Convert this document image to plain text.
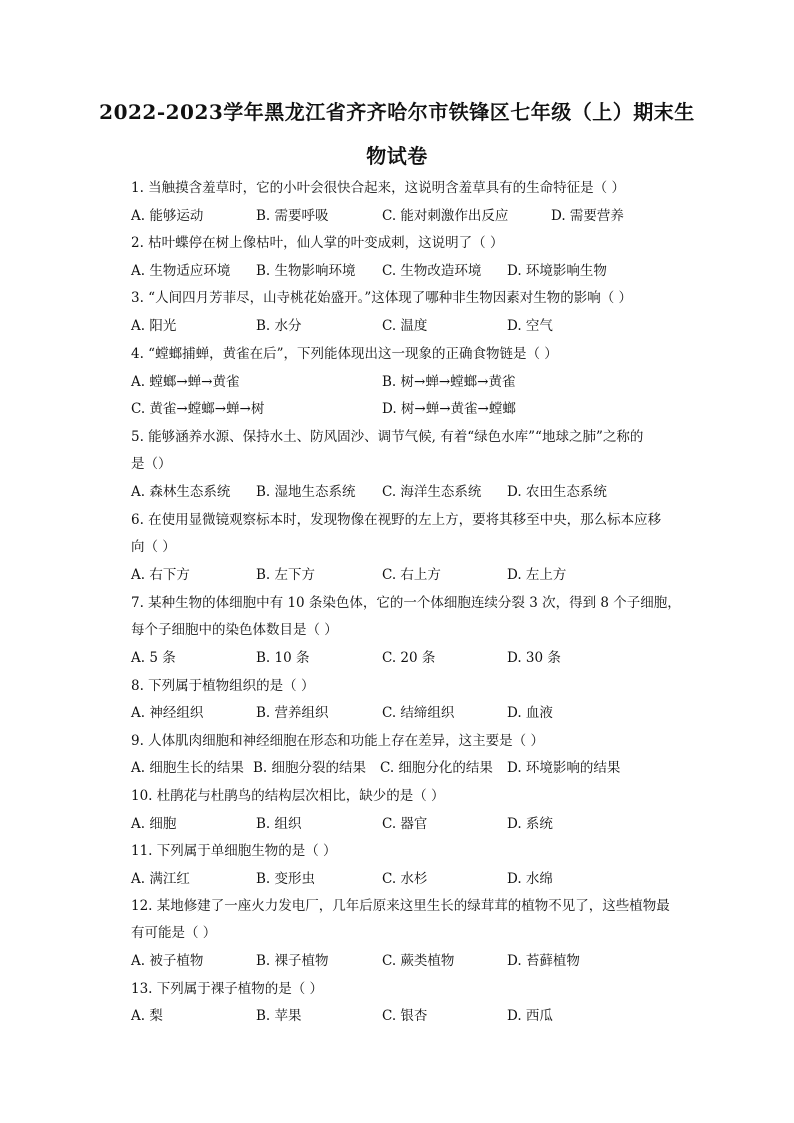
2022-2023学年黑龙江省齐齐哈尔市铁锋区七年级（上）期末生
物试卷
1. 当触摸含羞草时，它的小叶会很快合起来，这说明含羞草具有的生命特征是（ ）
A. 能够运动	B. 需要呼吸	C. 能对刺激作出反应	D. 需要营养
2. 枯叶蝶停在树上像枯叶，仙人掌的叶变成刺，这说明了（ ）
A. 生物适应环境 B. 生物影响环境 C. 生物改造环境 D. 环境影响生物
3. “人间四月芳菲尽，山寺桃花始盛开。”这体现了哪种非生物因素对生物的影响（ ）
A. 阳光	B. 水分	C. 温度	D. 空气
4. “螳螂捕蝉，黄雀在后”，下列能体现出这一现象的正确食物链是（ ）
A. 螳螂→蝉→黄雀	B. 树→蝉→螳螂→黄雀
C. 黄雀→螳螂→蝉→树	D. 树→蝉→黄雀→螳螂
5. 能够涵养水源、保持水土、防风固沙、调节气候, 有着“绿色水库”“地球之肺”之称的
是（）
A. 森林生态系统 B. 湿地生态系统 C. 海洋生态系统 D. 农田生态系统
6. 在使用显微镜观察标本时，发现物像在视野的左上方，要将其移至中央，那么标本应移
向（ ）
A. 右下方	B. 左下方	C. 右上方	D. 左上方
7. 某种生物的体细胞中有 10 条染色体，它的一个体细胞连续分裂 3 次，得到 8 个子细胞，
每个子细胞中的染色体数目是（ ）
A. 5 条	B. 10 条	C. 20 条	D. 30 条
8. 下列属于植物组织的是（ ）
A. 神经组织	B. 营养组织	C. 结缔组织	D. 血液
9. 人体肌肉细胞和神经细胞在形态和功能上存在差异，这主要是（ ）
A. 细胞生长的结果 B. 细胞分裂的结果 C. 细胞分化的结果 D. 环境影响的结果
10. 杜鹃花与杜鹃鸟的结构层次相比，缺少的是（ ）
A. 细胞	B. 组织	C. 器官	D. 系统
11. 下列属于单细胞生物的是（ ）
A. 满江红	B. 变形虫	C. 水杉	D. 水绵
12. 某地修建了一座火力发电厂，几年后原来这里生长的绿茸茸的植物不见了，这些植物最
有可能是（ ）
A. 被子植物	B. 裸子植物	C. 蕨类植物	D. 苔藓植物
13. 下列属于裸子植物的是（ ）
A. 梨	B. 苹果	C. 银杏	D. 西瓜
